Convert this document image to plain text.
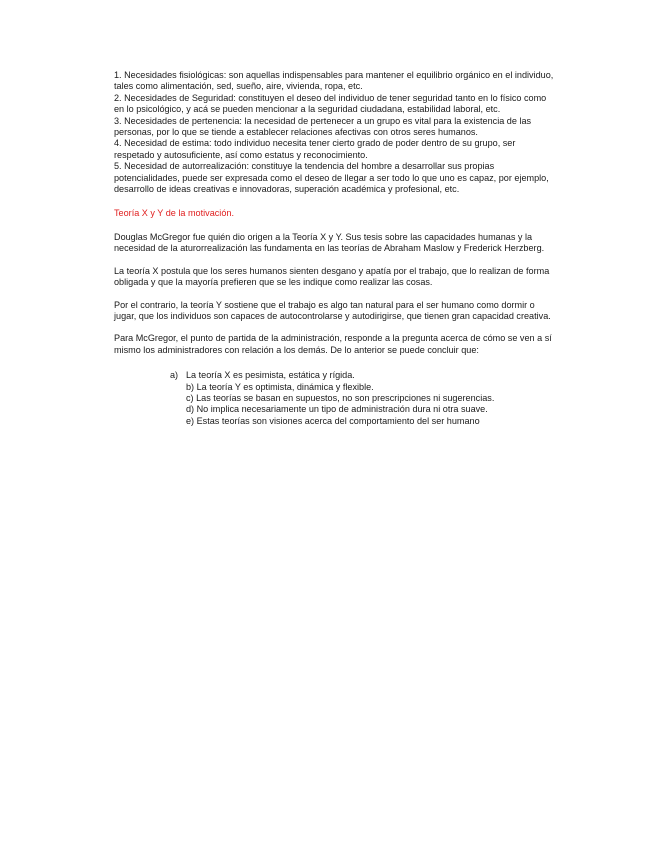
1. Necesidades fisiológicas: son aquellas indispensables para mantener el equilibrio orgánico en el individuo, tales como alimentación, sed, sueño, aire, vivienda, ropa, etc.
2. Necesidades de Seguridad: constituyen el deseo del individuo de tener seguridad tanto en lo físico como en lo psicológico, y acá se pueden mencionar a la seguridad ciudadana, estabilidad laboral, etc.
3. Necesidades de pertenencia: la necesidad de pertenecer a un grupo es vital para la existencia de las personas, por lo que se tiende a establecer relaciones afectivas con otros seres humanos.
4. Necesidad de estima: todo individuo necesita tener cierto grado de poder dentro de su grupo, ser respetado y autosuficiente, así como estatus y reconocimiento.
5. Necesidad de autorrealización: constituye la tendencia del hombre a desarrollar sus propias potencialidades, puede ser expresada como el deseo de llegar a ser todo lo que uno es capaz, por ejemplo, desarrollo de ideas creativas e innovadoras, superación académica y profesional, etc.

Teoría X y Y de la motivación.

Douglas McGregor fue quién dio origen a la Teoría X y Y. Sus tesis sobre las capacidades humanas y la necesidad de la aturorrealización las fundamenta en las teorías de Abraham Maslow y Frederick Herzberg.

La teoría X postula que los seres humanos sienten desgano y apatía por el trabajo, que lo realizan de forma obligada y que la mayoría prefieren que se les indique como realizar las cosas.

Por el contrario, la teoría Y sostiene que el trabajo es algo tan natural para el ser humano como dormir o jugar, que los individuos son capaces de autocontrolarse y autodirigirse, que tienen gran capacidad creativa.

Para McGregor, el punto de partida de la administración, responde a la pregunta acerca de cómo se ven a sí mismo los administradores con relación a los demás. De lo anterior se puede concluir que:

a) La teoría X es pesimista, estática y rígida.
b) La teoría Y es optimista, dinámica y flexible.
c) Las teorías se basan en supuestos, no son prescripciones ni sugerencias.
d) No implica necesariamente un tipo de administración dura ni otra suave.
e) Estas teorías son visiones acerca del comportamiento del ser humano
